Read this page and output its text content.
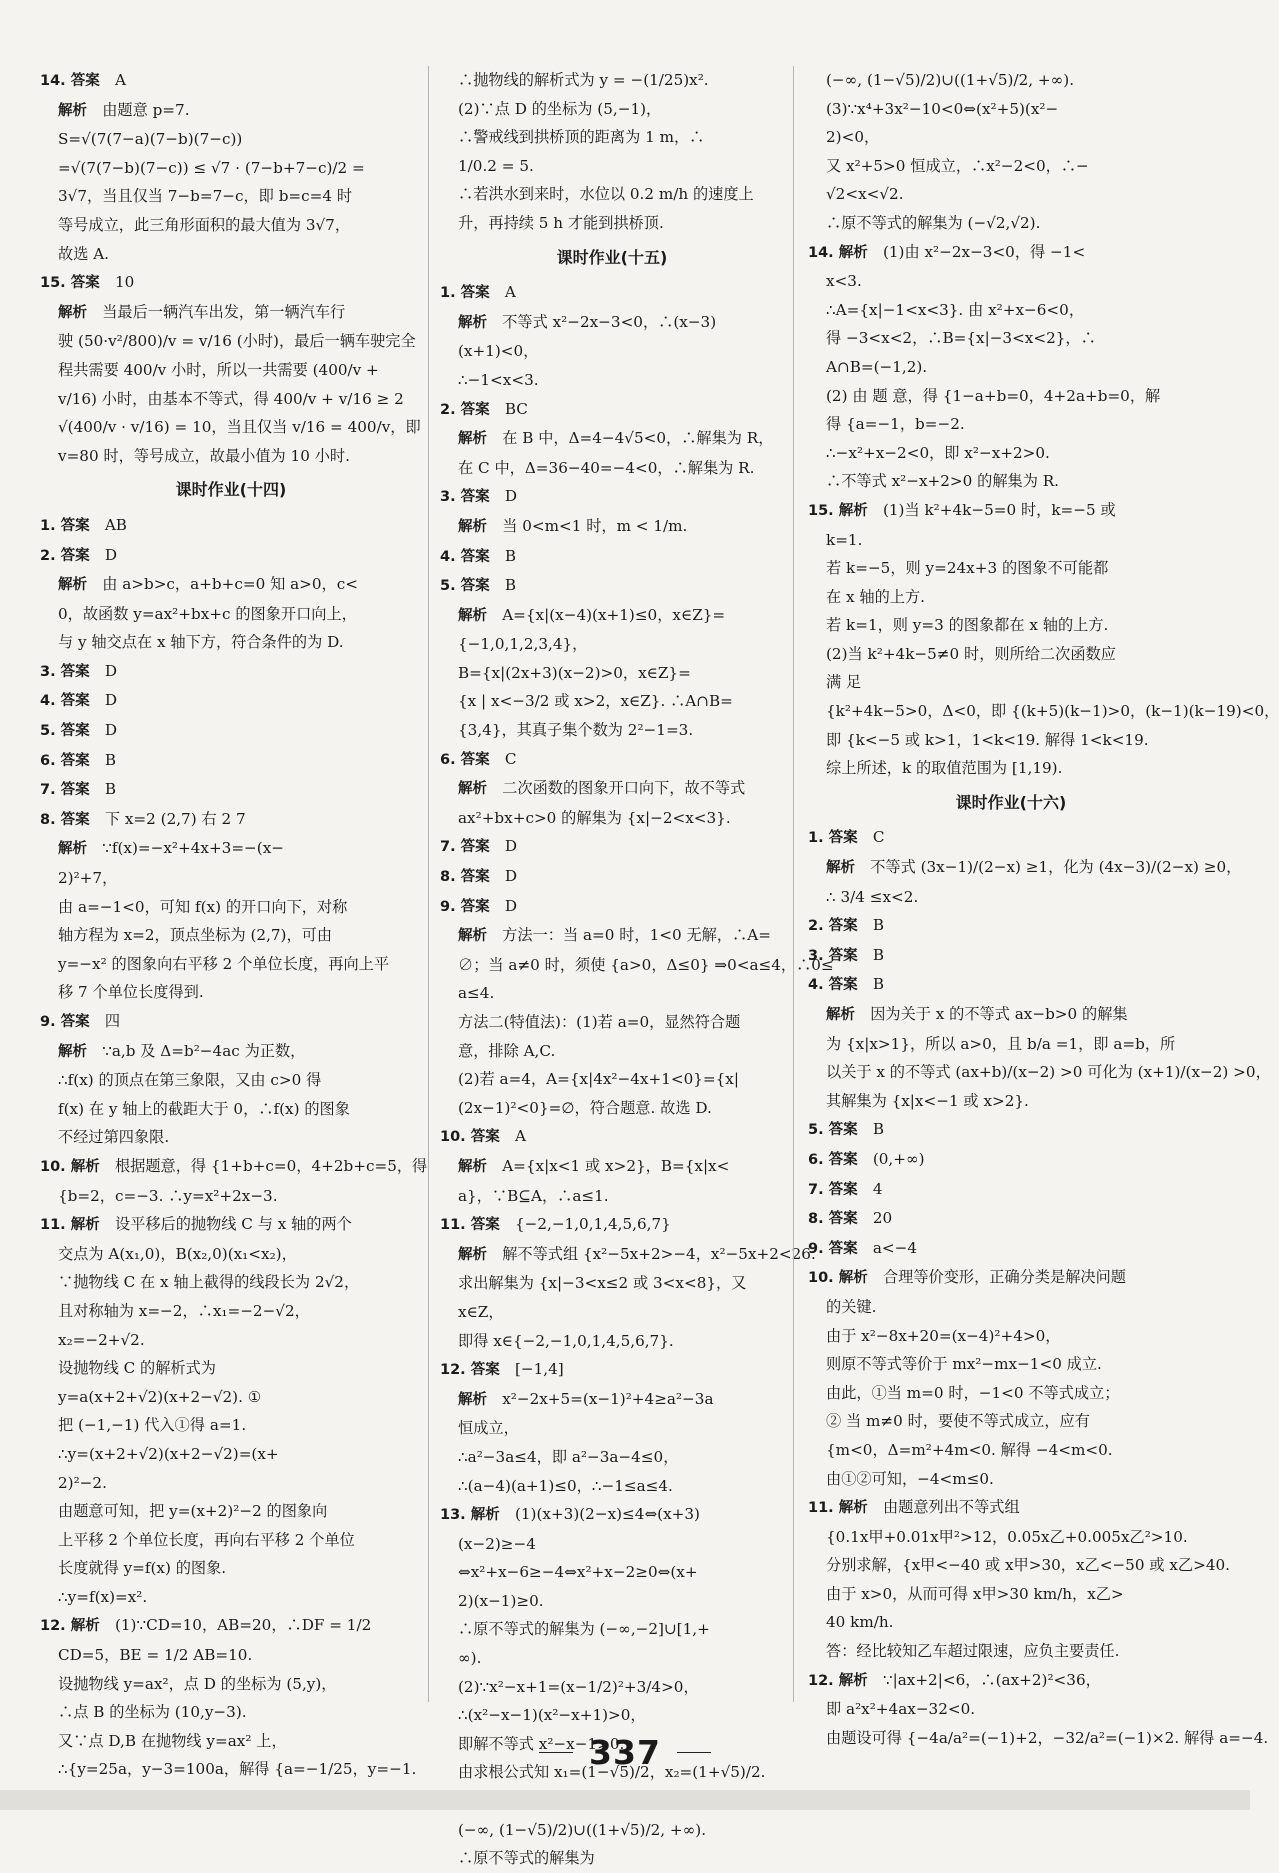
14. 答案  A
解析  由题意 p=7.
S=√(7(7−a)(7−b)(7−c))
=√(7(7−b)(7−c)) ≤ √7 · (7−b+7−c)/2 =
3√7，当且仅当 7−b=7−c，即 b=c=4 时
等号成立，此三角形面积的最大值为 3√7，
故选 A.
15. 答案  10
解析  当最后一辆汽车出发，第一辆汽车行
驶 (50·v²/800)/v = v/16 (小时)，最后一辆车驶完全
程共需要 400/v 小时，所以一共需要 (400/v +
v/16) 小时，由基本不等式，得 400/v + v/16 ≥ 2
√(400/v · v/16) = 10，当且仅当 v/16 = 400/v，即
v=80 时，等号成立，故最小值为 10 小时.
课时作业(十四)
1. 答案  AB
2. 答案  D
解析  由 a>b>c，a+b+c=0 知 a>0，c<
0，故函数 y=ax²+bx+c 的图象开口向上，
与 y 轴交点在 x 轴下方，符合条件的为 D.
3. 答案  D
4. 答案  D
5. 答案  D
6. 答案  B
7. 答案  B
8. 答案  下 x=2 (2,7) 右 2 7
解析  ∵f(x)=−x²+4x+3=−(x−
2)²+7，
由 a=−1<0，可知 f(x) 的开口向下，对称
轴方程为 x=2，顶点坐标为 (2,7)，可由
y=−x² 的图象向右平移 2 个单位长度，再向上平
移 7 个单位长度得到.
9. 答案  四
解析  ∵a,b 及 Δ=b²−4ac 为正数，
∴f(x) 的顶点在第三象限，又由 c>0 得
f(x) 在 y 轴上的截距大于 0，∴f(x) 的图象
不经过第四象限.
10. 解析  根据题意，得 {1+b+c=0，4+2b+c=5，得
{b=2，c=−3. ∴y=x²+2x−3.
11. 解析  设平移后的抛物线 C 与 x 轴的两个
交点为 A(x₁,0)，B(x₂,0)(x₁<x₂)，
∵抛物线 C 在 x 轴上截得的线段长为 2√2，
且对称轴为 x=−2，∴x₁=−2−√2，
x₂=−2+√2.
设抛物线 C 的解析式为
y=a(x+2+√2)(x+2−√2). ①
把 (−1,−1) 代入①得 a=1.
∴y=(x+2+√2)(x+2−√2)=(x+
2)²−2.
由题意可知，把 y=(x+2)²−2 的图象向
上平移 2 个单位长度，再向右平移 2 个单位
长度就得 y=f(x) 的图象.
∴y=f(x)=x².
12. 解析  (1)∵CD=10，AB=20，∴DF = 1/2
CD=5，BE = 1/2 AB=10.
设抛物线 y=ax²，点 D 的坐标为 (5,y)，
∴点 B 的坐标为 (10,y−3).
又∵点 D,B 在抛物线 y=ax² 上，
∴{y=25a，y−3=100a，解得 {a=−1/25，y=−1.
∴抛物线的解析式为 y = −(1/25)x².
(2)∵点 D 的坐标为 (5,−1)，
∴警戒线到拱桥顶的距离为 1 m，∴
1/0.2 = 5.
∴若洪水到来时，水位以 0.2 m/h 的速度上
升，再持续 5 h 才能到拱桥顶.
课时作业(十五)
1. 答案  A
解析  不等式 x²−2x−3<0，∴(x−3)
(x+1)<0，
∴−1<x<3.
2. 答案  BC
解析  在 B 中，Δ=4−4√5<0，∴解集为 R，
在 C 中，Δ=36−40=−4<0，∴解集为 R.
3. 答案  D
解析  当 0<m<1 时，m < 1/m.
4. 答案  B
5. 答案  B
解析  A={x|(x−4)(x+1)≤0，x∈Z}=
{−1,0,1,2,3,4}，
B={x|(2x+3)(x−2)>0，x∈Z}=
{x | x<−3/2 或 x>2，x∈Z}. ∴A∩B=
{3,4}，其真子集个数为 2²−1=3.
6. 答案  C
解析  二次函数的图象开口向下，故不等式
ax²+bx+c>0 的解集为 {x|−2<x<3}.
7. 答案  D
8. 答案  D
9. 答案  D
解析  方法一：当 a=0 时，1<0 无解，∴A=
∅；当 a≠0 时，须使 {a>0，Δ≤0} ⇒0<a≤4，∴0≤
a≤4.
方法二(特值法)：(1)若 a=0，显然符合题
意，排除 A,C.
(2)若 a=4，A={x|4x²−4x+1<0}={x|
(2x−1)²<0}=∅，符合题意. 故选 D.
10. 答案  A
解析  A={x|x<1 或 x>2}，B={x|x<
a}，∵B⊆A，∴a≤1.
11. 答案  {−2,−1,0,1,4,5,6,7}
解析  解不等式组 {x²−5x+2>−4，x²−5x+2<26.
求出解集为 {x|−3<x≤2 或 3<x<8}，又
x∈Z，
即得 x∈{−2,−1,0,1,4,5,6,7}.
12. 答案  [−1,4]
解析  x²−2x+5=(x−1)²+4≥a²−3a
恒成立，
∴a²−3a≤4，即 a²−3a−4≤0，
∴(a−4)(a+1)≤0，∴−1≤a≤4.
13. 解析  (1)(x+3)(2−x)≤4⇔(x+3)
(x−2)≥−4
⇔x²+x−6≥−4⇔x²+x−2≥0⇔(x+
2)(x−1)≥0.
∴原不等式的解集为 (−∞,−2]∪[1,+
∞).
(2)∵x²−x+1=(x−1/2)²+3/4>0，
∴(x²−x−1)(x²−x+1)>0，
即解不等式 x²−x−1>0.
由求根公式知 x₁=(1−√5)/2，x₂=(1+√5)/2.
(−∞, (1−√5)/2)∪((1+√5)/2, +∞).
∴原不等式的解集为
(−∞, (1−√5)/2)∪((1+√5)/2, +∞).
(3)∵x⁴+3x²−10<0⇔(x²+5)(x²−
2)<0，
又 x²+5>0 恒成立，∴x²−2<0，∴−
√2<x<√2.
∴原不等式的解集为 (−√2,√2).
14. 解析  (1)由 x²−2x−3<0，得 −1<
x<3.
∴A={x|−1<x<3}. 由 x²+x−6<0，
得 −3<x<2，∴B={x|−3<x<2}，∴
A∩B=(−1,2).
(2) 由 题 意，得 {1−a+b=0，4+2a+b=0，解
得 {a=−1，b=−2.
∴−x²+x−2<0，即 x²−x+2>0.
∴不等式 x²−x+2>0 的解集为 R.
15. 解析  (1)当 k²+4k−5=0 时，k=−5 或
k=1.
若 k=−5，则 y=24x+3 的图象不可能都
在 x 轴的上方.
若 k=1，则 y=3 的图象都在 x 轴的上方.
(2)当 k²+4k−5≠0 时，则所给二次函数应
满 足
{k²+4k−5>0，Δ<0，即 {(k+5)(k−1)>0，(k−1)(k−19)<0，
即 {k<−5 或 k>1，1<k<19. 解得 1<k<19.
综上所述，k 的取值范围为 [1,19).
课时作业(十六)
1. 答案  C
解析  不等式 (3x−1)/(2−x) ≥1，化为 (4x−3)/(2−x) ≥0，
∴ 3/4 ≤x<2.
2. 答案  B
3. 答案  B
4. 答案  B
解析  因为关于 x 的不等式 ax−b>0 的解集
为 {x|x>1}，所以 a>0，且 b/a =1，即 a=b，所
以关于 x 的不等式 (ax+b)/(x−2) >0 可化为 (x+1)/(x−2) >0，
其解集为 {x|x<−1 或 x>2}.
5. 答案  B
6. 答案  (0,+∞)
7. 答案  4
8. 答案  20
9. 答案  a<−4
10. 解析  合理等价变形，正确分类是解决问题
的关键.
由于 x²−8x+20=(x−4)²+4>0，
则原不等式等价于 mx²−mx−1<0 成立.
由此，①当 m=0 时，−1<0 不等式成立；
② 当 m≠0 时，要使不等式成立，应有
{m<0，Δ=m²+4m<0. 解得 −4<m<0.
由①②可知，−4<m≤0.
11. 解析  由题意列出不等式组
{0.1x甲+0.01x甲²>12，0.05x乙+0.005x乙²>10.
分别求解，{x甲<−40 或 x甲>30，x乙<−50 或 x乙>40.
由于 x>0，从而可得 x甲>30 km/h，x乙>
40 km/h.
答：经比较知乙车超过限速，应负主要责任.
12. 解析  ∵|ax+2|<6，∴(ax+2)²<36，
即 a²x²+4ax−32<0.
由题设可得 {−4a/a²=(−1)+2，−32/a²=(−1)×2. 解得 a=−4.
337
